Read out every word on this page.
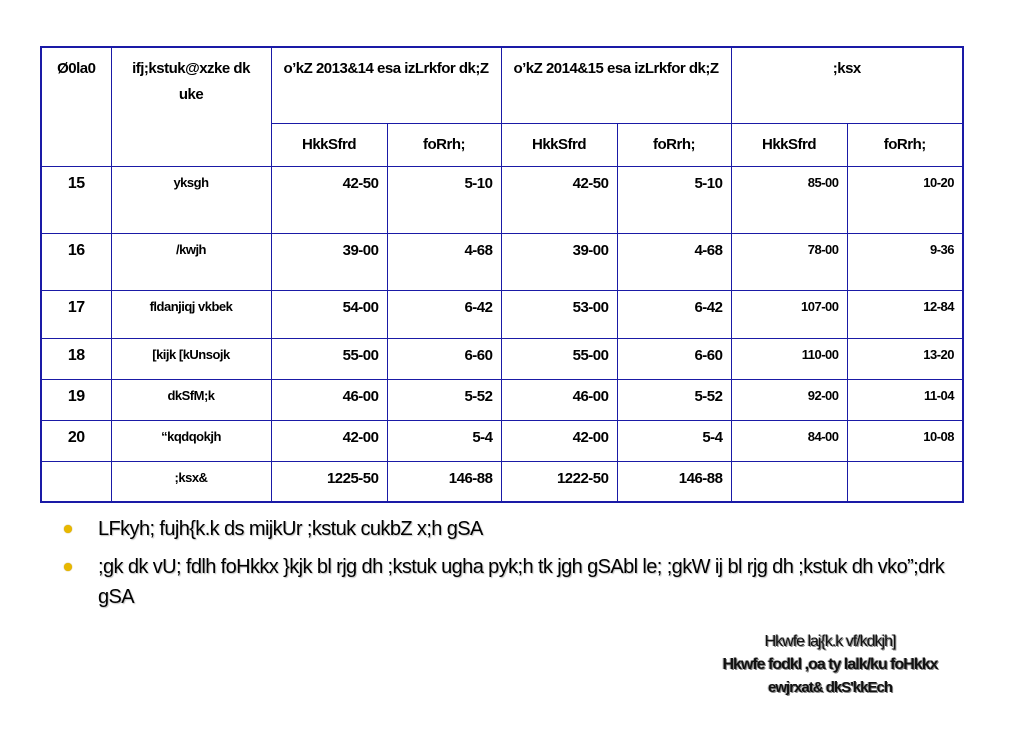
Ø0la0	ifj;kstuk@xzke dk uke	o’kZ 2013&14 esa izLrkfor dk;Z		o’kZ 2014&15 esa izLrkfor dk;Z		;ksx	
		HkkSfrd	foRrh;	HkkSfrd	foRrh;	HkkSfrd	foRrh;
15	yksgh	42-50	5-10	42-50	5-10	85-00	10-20
16	/kwjh	39-00	4-68	39-00	4-68	78-00	9-36
17	fldanjiqj vkbek	54-00	6-42	53-00	6-42	107-00	12-84
18	[kijk [kUnsojk	55-00	6-60	55-00	6-60	110-00	13-20
19	dkSfM;k	46-00	5-52	46-00	5-52	92-00	11-04
20	“kqdqokjh	42-00	5-4	42-00	5-4	84-00	10-08
	;ksx&	1225-50	146-88	1222-50	146-88		
LFkyh; fujh{k.k ds mijkUr ;kstuk cukbZ x;h gSA
;gk dk vU; fdlh foHkkx }kjk bl rjg dh ;kstuk ugha pyk;h tk jgh gSAbl le; ;gkW ij bl rjg dh ;kstuk dh vko”;drk gSA
Hkwfe laj{k.k vf/kdkjh]
Hkwfe fodkl ,oa ty lalk/ku foHkkx
ewjrxat& dkS'kkEch
